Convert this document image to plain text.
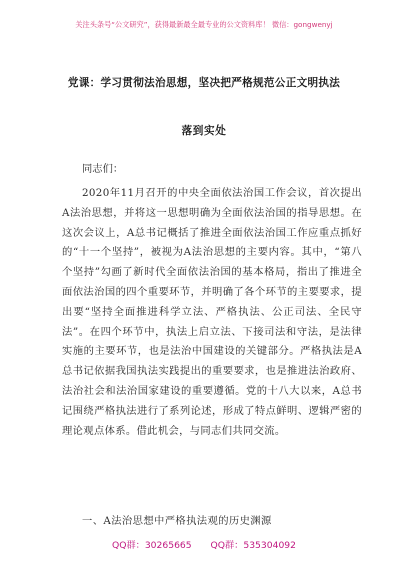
关注头条号“公文研究”，获得最新最全最专业的公文资料库！ 微信：gongwenyj
党课：学习贯彻法治思想，坚决把严格规范公正文明执法
落到实处
同志们：
2020年11月召开的中央全面依法治国工作会议，首次提出A法治思想，并将这一思想明确为全面依法治国的指导思想。在这次会议上，A总书记概括了推进全面依法治国工作应重点抓好的“十一个坚持”，被视为A法治思想的主要内容。其中，“第八个坚持”勾画了新时代全面依法治国的基本格局，指出了推进全面依法治国的四个重要环节，并明确了各个环节的主要要求，提出要“坚持全面推进科学立法、严格执法、公正司法、全民守法”。在四个环节中，执法上启立法、下接司法和守法，是法律实施的主要环节，也是法治中国建设的关键部分。严格执法是A总书记依据我国执法实践提出的重要要求，也是推进法治政府、法治社会和法治国家建设的重要遵循。党的十八大以来，A总书记围绕严格执法进行了系列论述，形成了特点鲜明、逻辑严密的理论观点体系。借此机会，与同志们共同交流。
一、A法治思想中严格执法观的历史渊源
QQ群：30265665 QQ群：535304092
